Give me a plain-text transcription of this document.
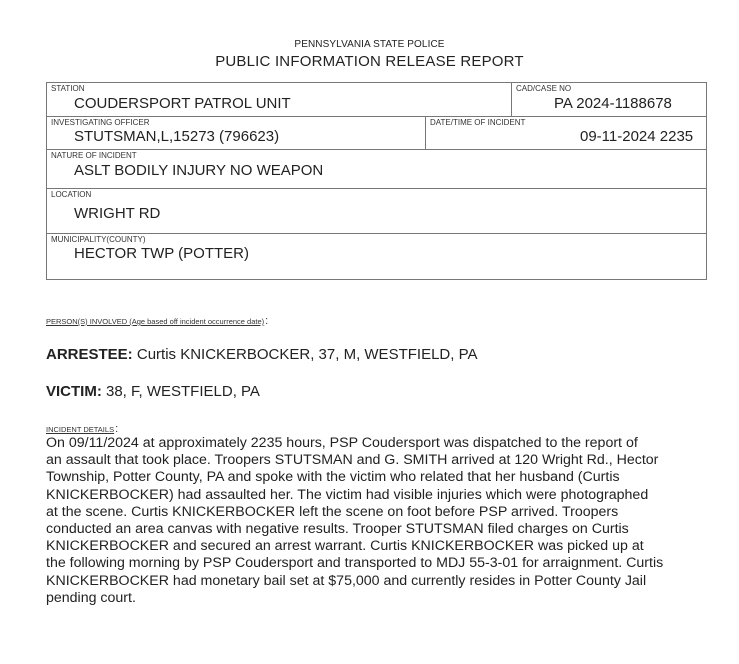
PENNSYLVANIA STATE POLICE
PUBLIC INFORMATION RELEASE REPORT
STATION
COUDERSPORT PATROL UNIT
CAD/CASE NO
PA 2024-1188678
INVESTIGATING OFFICER
STUTSMAN,L,15273 (796623)
DATE/TIME OF INCIDENT
09-11-2024 2235
NATURE OF INCIDENT
ASLT BODILY INJURY NO WEAPON
LOCATION
WRIGHT RD
MUNICIPALITY(COUNTY)
HECTOR TWP (POTTER)
PERSON(S) INVOLVED (Age based off incident occurrence date):
ARRESTEE: Curtis KNICKERBOCKER, 37, M, WESTFIELD, PA
VICTIM: 38, F, WESTFIELD, PA
INCIDENT DETAILS:
On 09/11/2024 at approximately 2235 hours, PSP Coudersport was dispatched to the report of
an assault that took place. Troopers STUTSMAN and G. SMITH arrived at 120 Wright Rd., Hector
Township, Potter County, PA and spoke with the victim who related that her husband (Curtis
KNICKERBOCKER) had assaulted her. The victim had visible injuries which were photographed
at the scene. Curtis KNICKERBOCKER left the scene on foot before PSP arrived. Troopers
conducted an area canvas with negative results. Trooper STUTSMAN filed charges on Curtis
KNICKERBOCKER and secured an arrest warrant. Curtis KNICKERBOCKER was picked up at
the following morning by PSP Coudersport and transported to MDJ 55-3-01 for arraignment. Curtis
KNICKERBOCKER had monetary bail set at $75,000 and currently resides in Potter County Jail
pending court.
